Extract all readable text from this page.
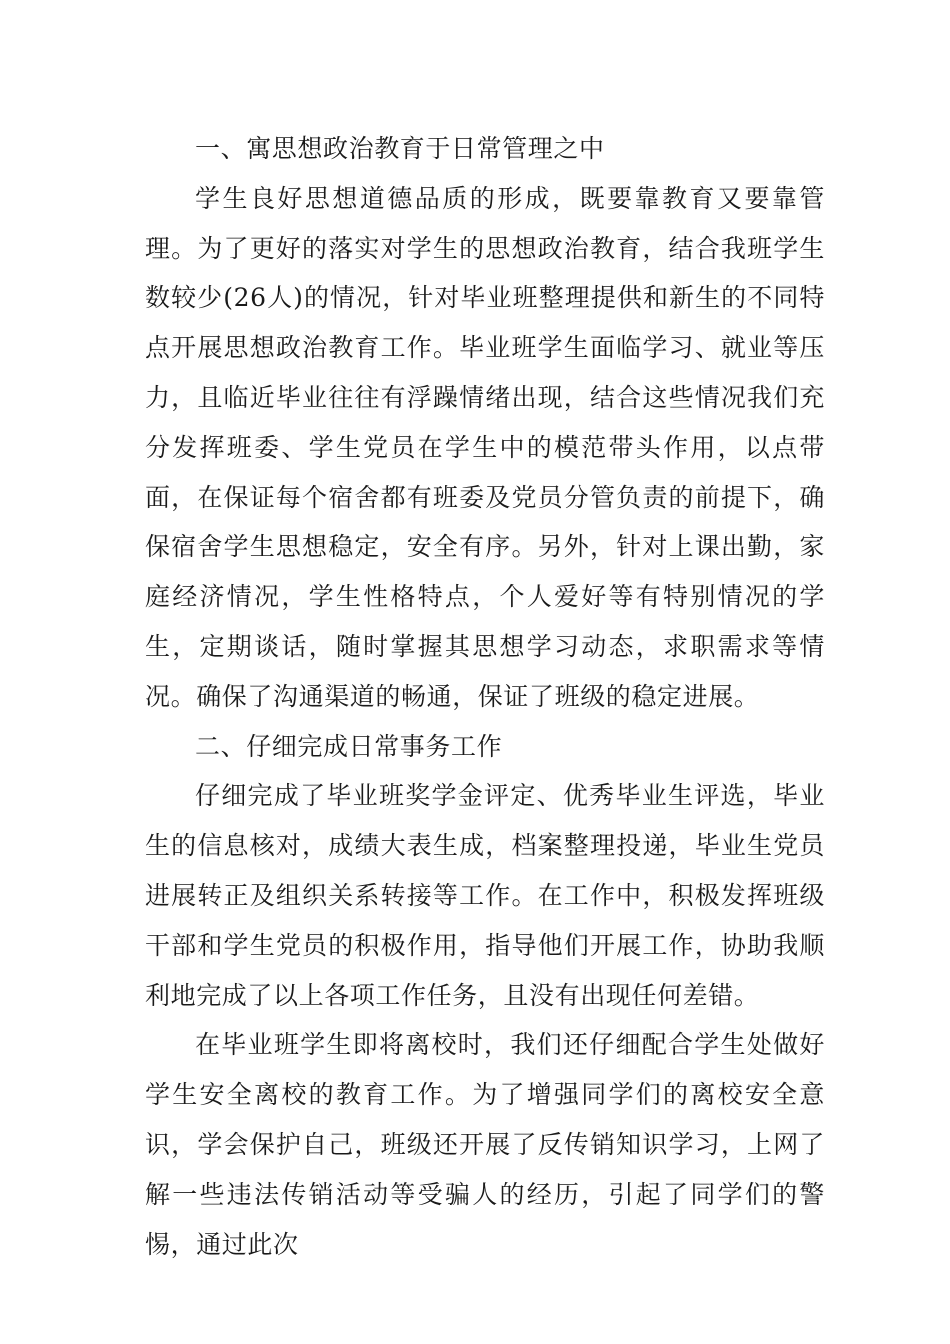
一、寓思想政治教育于日常管理之中

学生良好思想道德品质的形成，既要靠教育又要靠管理。为了更好的落实对学生的思想政治教育，结合我班学生数较少(26人)的情况，针对毕业班整理提供和新生的不同特点开展思想政治教育工作。毕业班学生面临学习、就业等压力，且临近毕业往往有浮躁情绪出现，结合这些情况我们充分发挥班委、学生党员在学生中的模范带头作用，以点带面，在保证每个宿舍都有班委及党员分管负责的前提下，确保宿舍学生思想稳定，安全有序。另外，针对上课出勤，家庭经济情况，学生性格特点，个人爱好等有特别情况的学生，定期谈话，随时掌握其思想学习动态，求职需求等情况。确保了沟通渠道的畅通，保证了班级的稳定进展。

二、仔细完成日常事务工作

仔细完成了毕业班奖学金评定、优秀毕业生评选，毕业生的信息核对，成绩大表生成，档案整理投递，毕业生党员进展转正及组织关系转接等工作。在工作中，积极发挥班级干部和学生党员的积极作用，指导他们开展工作，协助我顺利地完成了以上各项工作任务，且没有出现任何差错。

在毕业班学生即将离校时，我们还仔细配合学生处做好学生安全离校的教育工作。为了增强同学们的离校安全意识，学会保护自己，班级还开展了反传销知识学习，上网了解一些违法传销活动等受骗人的经历，引起了同学们的警惕，通过此次
